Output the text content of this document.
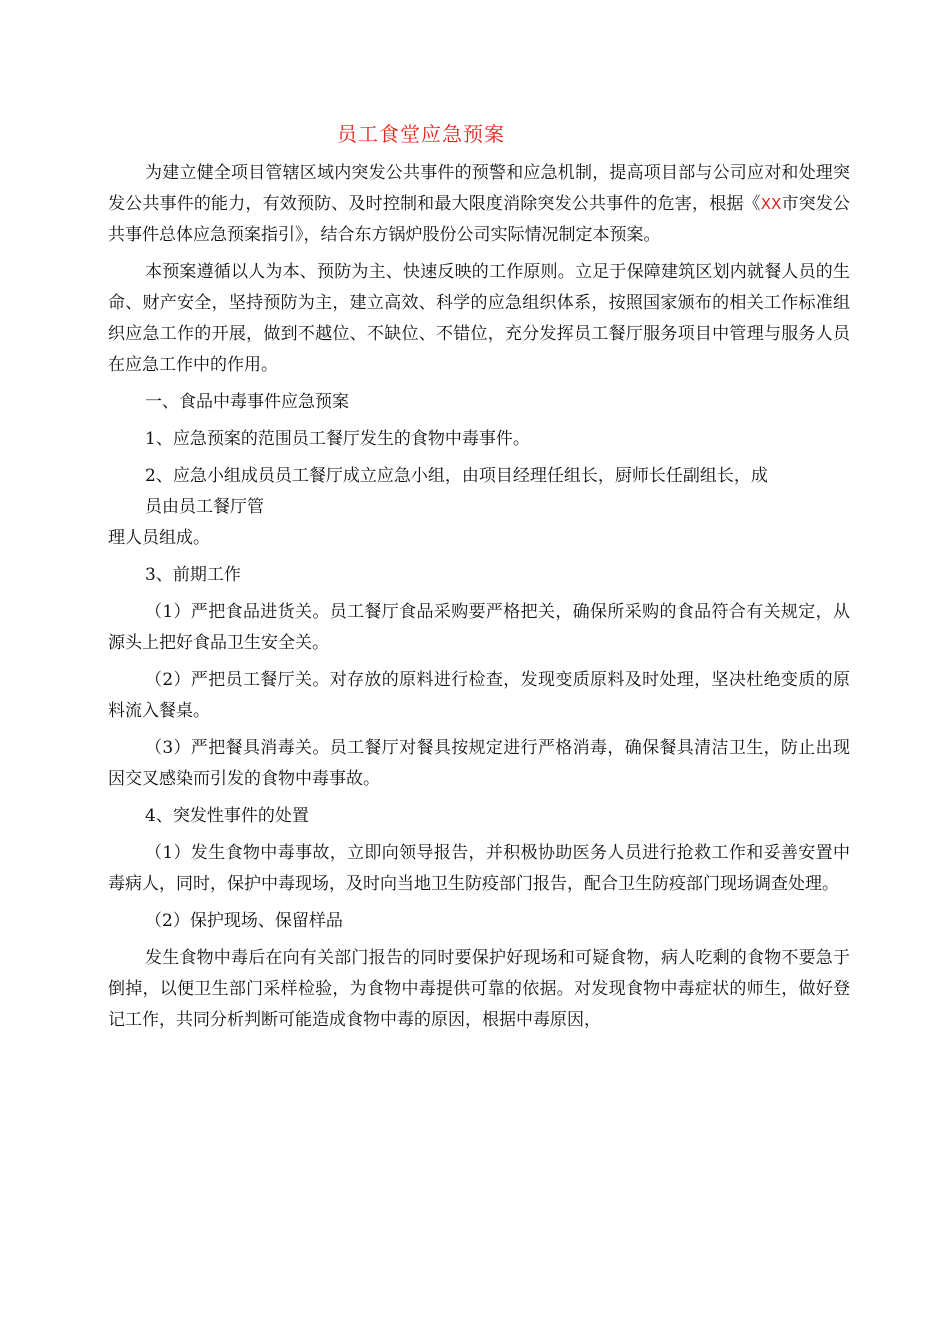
员工食堂应急预案

为建立健全项目管辖区域内突发公共事件的预警和应急机制，提高项目部与公司应对和处理突发公共事件的能力，有效预防、及时控制和最大限度消除突发公共事件的危害，根据《XX市突发公共事件总体应急预案指引》，结合东方锅炉股份公司实际情况制定本预案。

本预案遵循以人为本、预防为主、快速反映的工作原则。立足于保障建筑区划内就餐人员的生命、财产安全，坚持预防为主，建立高效、科学的应急组织体系，按照国家颁布的相关工作标准组织应急工作的开展，做到不越位、不缺位、不错位，充分发挥员工餐厅服务项目中管理与服务人员在应急工作中的作用。

一、食品中毒事件应急预案

1、应急预案的范围员工餐厅发生的食物中毒事件。

2、应急小组成员员工餐厅成立应急小组，由项目经理任组长，厨师长任副组长，成

员由员工餐厅管

理人员组成。

3、前期工作

（1）严把食品进货关。员工餐厅食品采购要严格把关，确保所采购的食品符合有关规定，从源头上把好食品卫生安全关。

（2）严把员工餐厅关。对存放的原料进行检查，发现变质原料及时处理，坚决杜绝变质的原料流入餐桌。

（3）严把餐具消毒关。员工餐厅对餐具按规定进行严格消毒，确保餐具清洁卫生，防止出现因交叉感染而引发的食物中毒事故。

4、突发性事件的处置

（1）发生食物中毒事故，立即向领导报告，并积极协助医务人员进行抢救工作和妥善安置中毒病人，同时，保护中毒现场，及时向当地卫生防疫部门报告，配合卫生防疫部门现场调查处理。

（2）保护现场、保留样品

发生食物中毒后在向有关部门报告的同时要保护好现场和可疑食物，病人吃剩的食物不要急于倒掉，以便卫生部门采样检验，为食物中毒提供可靠的依据。对发现食物中毒症状的师生，做好登记工作，共同分析判断可能造成食物中毒的原因，根据中毒原因，
